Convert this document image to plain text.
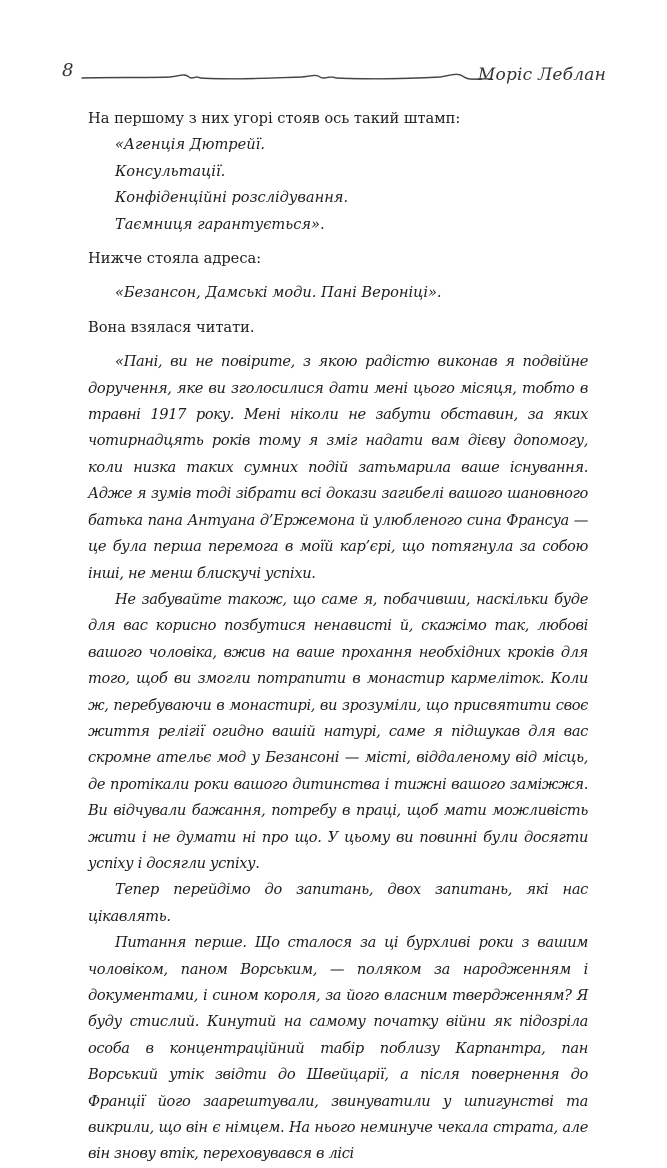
8	Моріс Леблан

На першому з них угорі стояв ось такий штамп:

«Агенція Дютрейї.
Консультації.
Конфіденційні розслідування.
Таємниця гарантується».

Нижче стояла адреса:

«Безансон, Дамські моди. Пані Вероніці».

Вона взялася читати.

«Пані, ви не повірите, з якою радістю виконав я подвійне доручення, яке ви зголосилися дати мені цього місяця, тобто в травні 1917 року. Мені ніколи не забути обставин, за яких чотирнадцять років тому я зміг надати вам дієву допомогу, коли низка таких сумних подій затьмарила ваше існування. Адже я зумів тоді зібрати всі докази загибелі вашого шановного батька пана Антуана д’Ержемона й улюбленого сина Франсуа — це була перша перемога в моїй кар’єрі, що потягнула за собою інші, не менш блискучі успіхи.

Не забувайте також, що саме я, побачивши, наскільки буде для вас корисно позбутися ненависті й, скажімо так, любові вашого чоловіка, вжив на ваше прохання необхідних кроків для того, щоб ви змогли потрапити в монастир кармеліток. Коли ж, перебуваючи в монастирі, ви зрозуміли, що присвятити своє життя релігії огидно вашій натурі, саме я підшукав для вас скромне ательє мод у Безансоні — місті, віддаленому від місць, де протікали роки вашого дитинства і тижні вашого заміжжя. Ви відчували бажання, потребу в праці, щоб мати можливість жити і не думати ні про що. У цьому ви повинні були досягти успіху і досягли успіху.

Тепер перейдімо до запитань, двох запитань, які нас цікавлять.

Питання перше. Що сталося за ці бурхливі роки з вашим чоловіком, паном Ворським, — поляком за народженням і документами, і сином короля, за його власним твердженням? Я буду стислий. Кинутий на самому початку війни як підозріла особа в концентраційний табір поблизу Карпантра, пан Ворський утік звідти до Швейцарії, а після повернення до Франції його заарештували, звинуватили у шпигунстві та викрили, що він є німцем. На нього неминуче чекала страта, але він знову втік, переховувався в лісі
